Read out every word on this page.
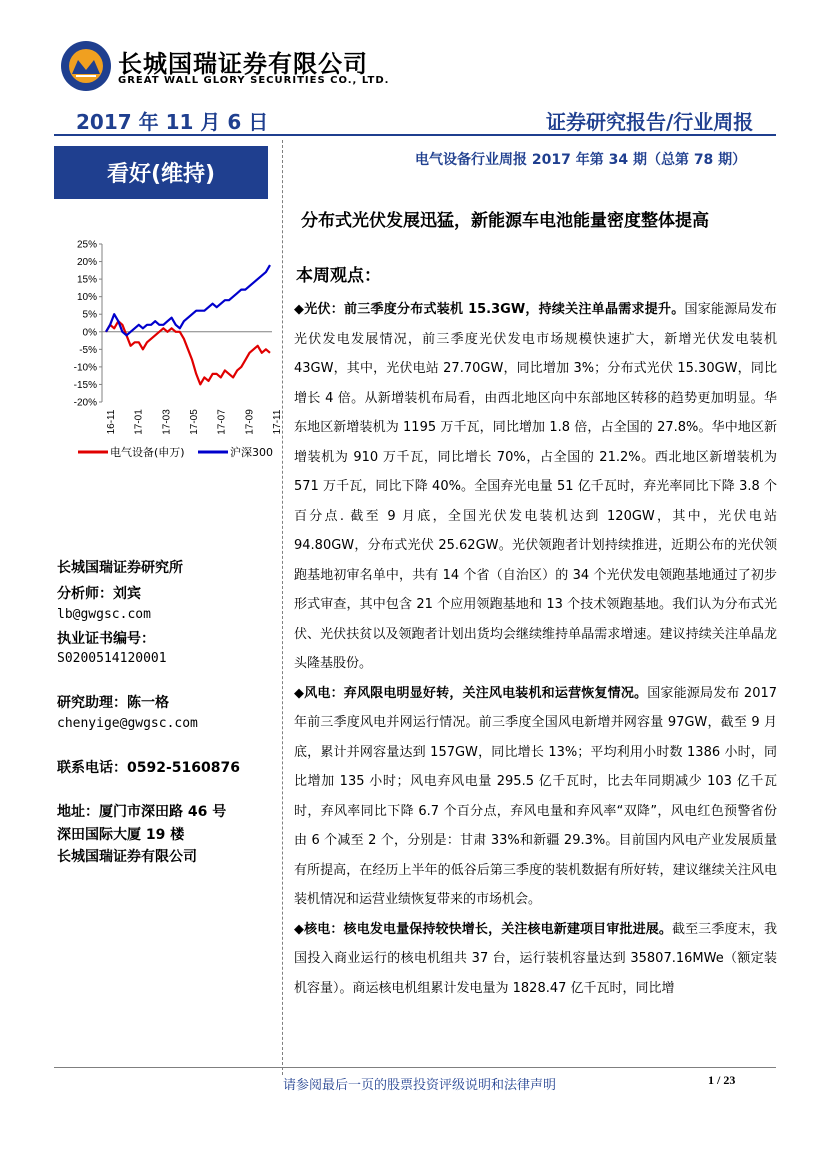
长城国瑞证券有限公司
GREAT WALL GLORY SECURITIES CO., LTD.
2017 年 11 月 6 日	证券研究报告/行业周报
看好(维持)
电气设备行业周报 2017 年第 34 期（总第 78 期）
分布式光伏发展迅猛，新能源车电池能量密度整体提高
本周观点：
25%
20%
15%
10%
5%
0%
-5%
-10%
-15%
-20%
16-11 17-01 17-03 17-05 17-07 17-09 17-11
电气设备(申万)	沪深300

◆光伏：前三季度分布式装机 15.3GW，持续关注单晶需求提升。国家能源局发布光伏发电发展情况，前三季度光伏发电市场规模快速扩大，新增光伏发电装机 43GW，其中，光伏电站 27.70GW，同比增加 3%；分布式光伏 15.30GW，同比增长 4 倍。从新增装机布局看，由西北地区向中东部地区转移的趋势更加明显。华东地区新增装机为 1195 万千瓦，同比增加 1.8 倍，占全国的 27.8%。华中地区新增装机为 910 万千瓦，同比增长 70%，占全国的 21.2%。西北地区新增装机为 571 万千瓦，同比下降 40%。全国弃光电量 51 亿千瓦时，弃光率同比下降 3.8 个百分点. 截至 9 月底，全国光伏发电装机达到 120GW，其中，光伏电站 94.80GW，分布式光伏 25.62GW。光伏领跑者计划持续推进，近期公布的光伏领跑基地初审名单中，共有 14 个省（自治区）的 34 个光伏发电领跑基地通过了初步形式审查，其中包含 21 个应用领跑基地和 13 个技术领跑基地。我们认为分布式光伏、光伏扶贫以及领跑者计划出货均会继续维持单晶需求增速。建议持续关注单晶龙头隆基股份。

◆风电：弃风限电明显好转，关注风电装机和运营恢复情况。国家能源局发布 2017 年前三季度风电并网运行情况。前三季度全国风电新增并网容量 97GW，截至 9 月底，累计并网容量达到 157GW，同比增长 13%；平均利用小时数 1386 小时，同比增加 135 小时；风电弃风电量 295.5 亿千瓦时，比去年同期减少 103 亿千瓦时，弃风率同比下降 6.7 个百分点，弃风电量和弃风率“双降”，风电红色预警省份由 6 个减至 2 个，分别是：甘肃 33%和新疆 29.3%。目前国内风电产业发展质量有所提高，在经历上半年的低谷后第三季度的装机数据有所好转，建议继续关注风电装机情况和运营业绩恢复带来的市场机会。

◆核电：核电发电量保持较快增长，关注核电新建项目审批进展。截至三季度末，我国投入商业运行的核电机组共 37 台，运行装机容量达到 35807.16MWe（额定装机容量）。商运核电机组累计发电量为 1828.47 亿千瓦时，同比增

长城国瑞证券研究所
分析师：刘宾
lb@gwgsc.com
执业证书编号：
S0200514120001
研究助理：陈一格
chenyige@gwgsc.com
联系电话：0592-5160876
地址：厦门市深田路 46 号
深田国际大厦 19 楼
长城国瑞证券有限公司
请参阅最后一页的股票投资评级说明和法律声明	1 / 23
